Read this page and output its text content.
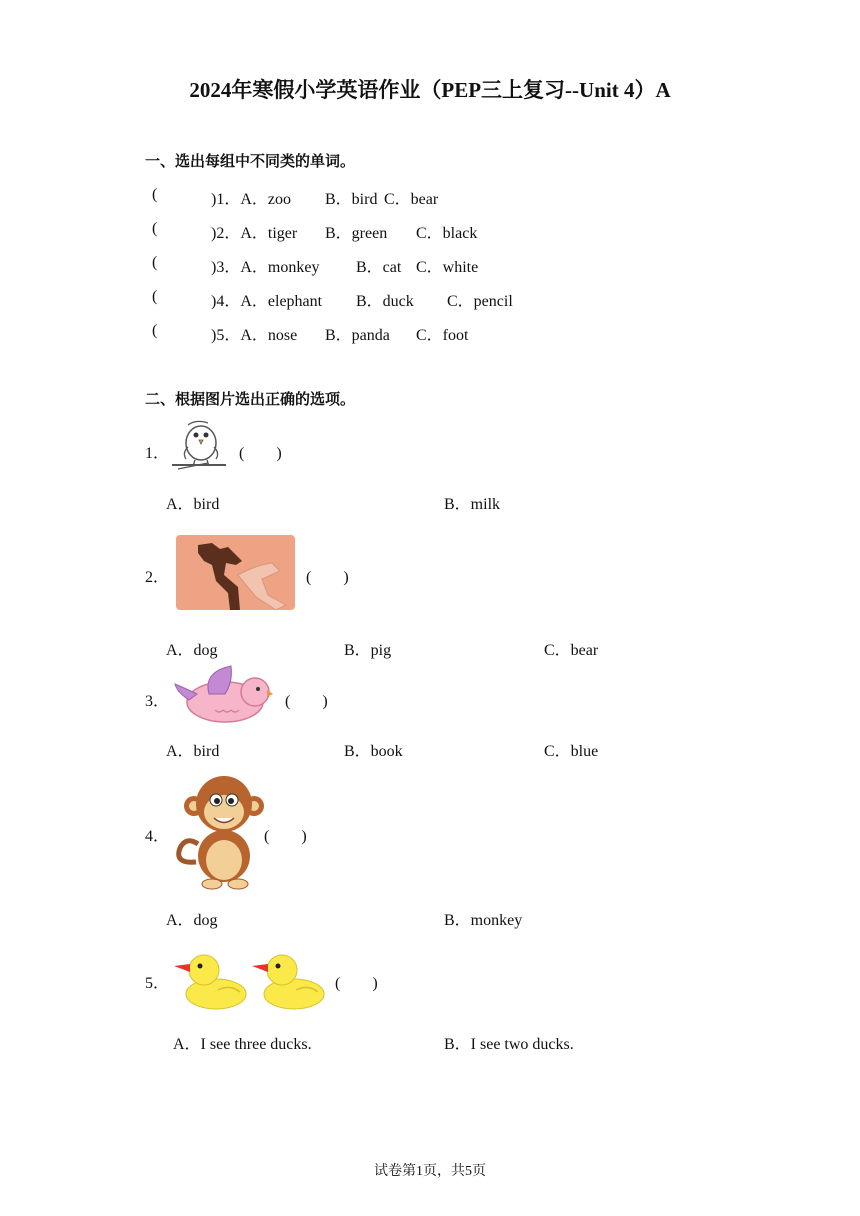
2024年寒假小学英语作业（PEP三上复习--Unit 4）A
一、选出每组中不同类的单词。
(	)1．A．zoo B．bird C．bear
(	)2．A．tiger B．green C．black
(	)3．A．monkey B．cat C．white
(	)4．A．elephant B．duck C．pencil
(	)5．A．nose B．panda C．foot
二、根据图片选出正确的选项。
1．	(　　)
A．bird	B．milk
2．	(　　)
A．dog	B．pig	C．bear
3．	(　　)
A．bird	B．book	C．blue
4．	(　　)
A．dog	B．monkey
5．	(　　)
A．I see three ducks.	B．I see two ducks.
试卷第1页，共5页
